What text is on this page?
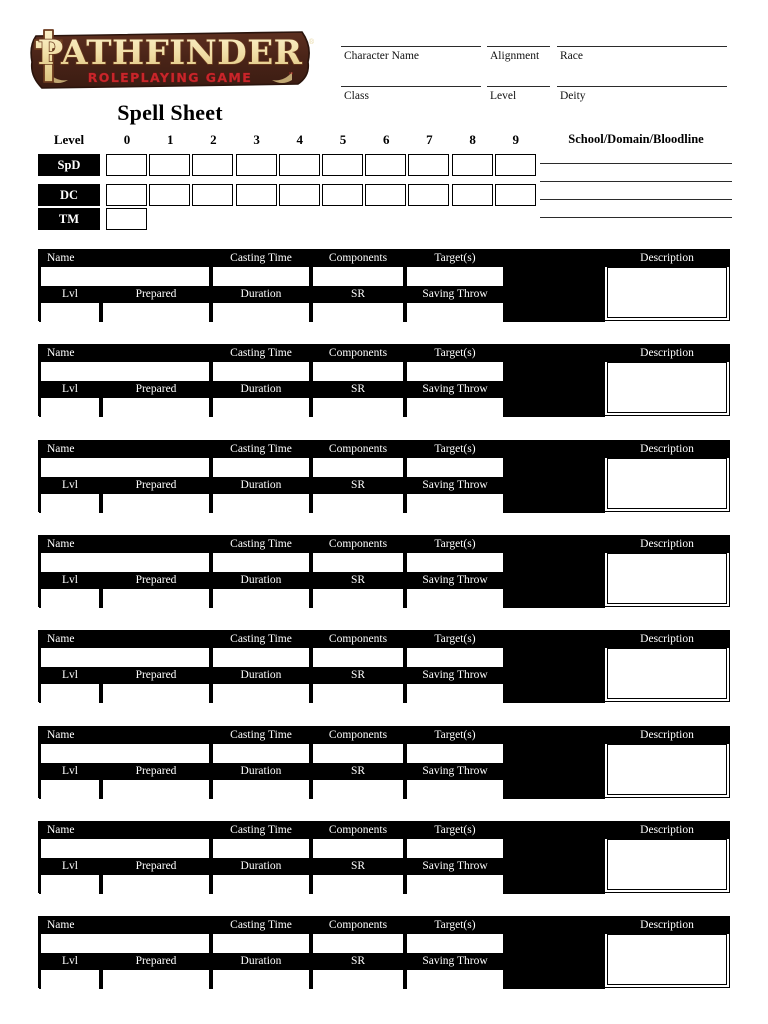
PATHFINDER ®
ROLEPLAYING GAME	™
Spell Sheet
Character Name	Alignment	Race
Class	Level	Deity
Level	0	1	2	3	4	5	6	7	8	9
SpD
DC
TM
School/Domain/Bloodline
Name	Casting Time	Components	Target(s)
Lvl	Prepared	Duration	SR	Saving Throw
Description
Name	Casting Time	Components	Target(s)
Lvl	Prepared	Duration	SR	Saving Throw
Description
Name	Casting Time	Components	Target(s)
Lvl	Prepared	Duration	SR	Saving Throw
Description
Name	Casting Time	Components	Target(s)
Lvl	Prepared	Duration	SR	Saving Throw
Description
Name	Casting Time	Components	Target(s)
Lvl	Prepared	Duration	SR	Saving Throw
Description
Name	Casting Time	Components	Target(s)
Lvl	Prepared	Duration	SR	Saving Throw
Description
Name	Casting Time	Components	Target(s)
Lvl	Prepared	Duration	SR	Saving Throw
Description
Name	Casting Time	Components	Target(s)
Lvl	Prepared	Duration	SR	Saving Throw
Description
